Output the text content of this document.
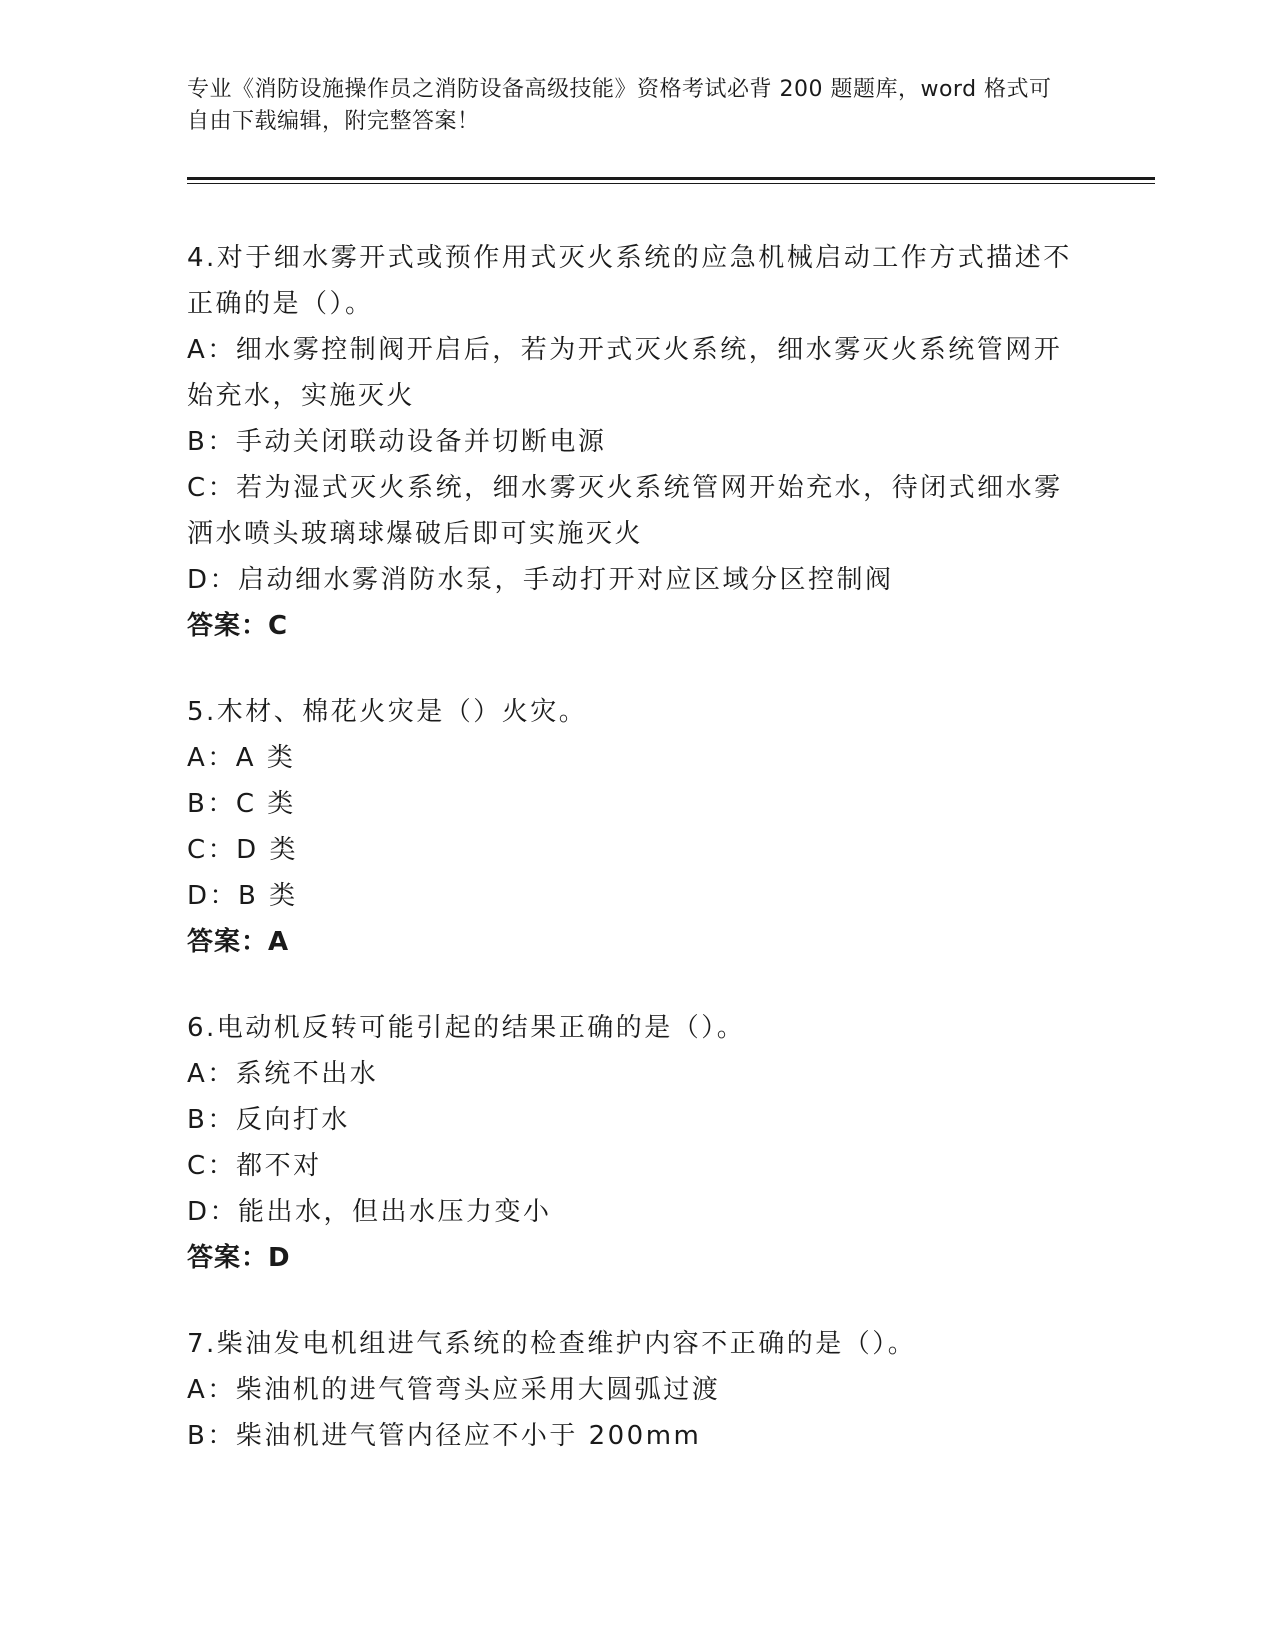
专业《消防设施操作员之消防设备高级技能》资格考试必背 200 题题库，word 格式可自由下载编辑，附完整答案！

4.对于细水雾开式或预作用式灭火系统的应急机械启动工作方式描述不正确的是（）。

A：细水雾控制阀开启后，若为开式灭火系统，细水雾灭火系统管网开始充水，实施灭火

B：手动关闭联动设备并切断电源

C：若为湿式灭火系统，细水雾灭火系统管网开始充水，待闭式细水雾洒水喷头玻璃球爆破后即可实施灭火

D：启动细水雾消防水泵，手动打开对应区域分区控制阀

答案：C

5.木材、棉花火灾是（）火灾。

A：A 类

B：C 类

C：D 类

D：B 类

答案：A

6.电动机反转可能引起的结果正确的是（）。

A：系统不出水

B：反向打水

C：都不对

D：能出水，但出水压力变小

答案：D

7.柴油发电机组进气系统的检查维护内容不正确的是（）。

A：柴油机的进气管弯头应采用大圆弧过渡

B：柴油机进气管内径应不小于 200mm
